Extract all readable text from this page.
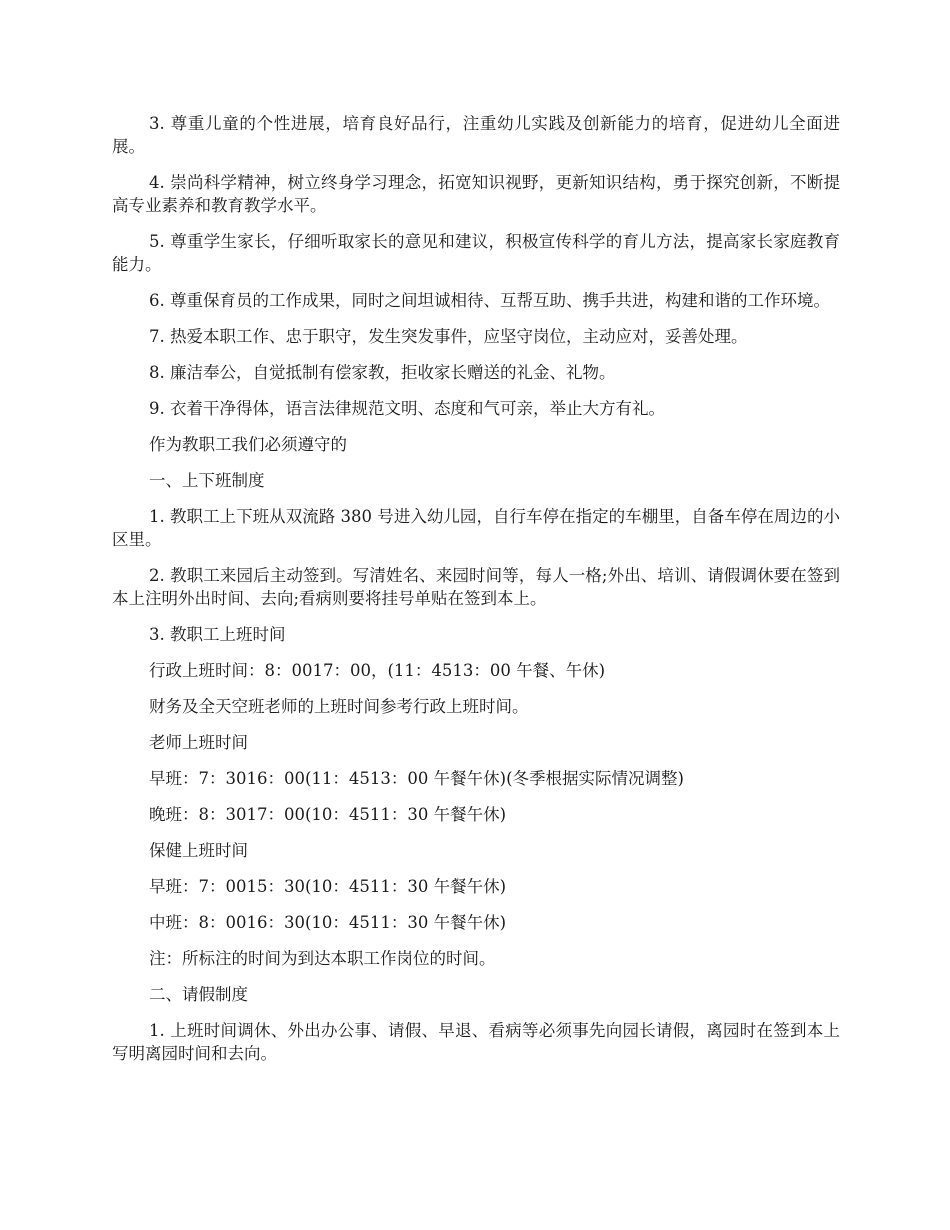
3. 尊重儿童的个性进展，培育良好品行，注重幼儿实践及创新能力的培育，促进幼儿全面进展。

4. 崇尚科学精神，树立终身学习理念，拓宽知识视野，更新知识结构，勇于探究创新，不断提高专业素养和教育教学水平。

5. 尊重学生家长，仔细听取家长的意见和建议，积极宣传科学的育儿方法，提高家长家庭教育能力。

6. 尊重保育员的工作成果，同时之间坦诚相待、互帮互助、携手共进，构建和谐的工作环境。

7. 热爱本职工作、忠于职守，发生突发事件，应坚守岗位，主动应对，妥善处理。

8. 廉洁奉公，自觉抵制有偿家教，拒收家长赠送的礼金、礼物。

9. 衣着干净得体，语言法律规范文明、态度和气可亲，举止大方有礼。

作为教职工我们必须遵守的

一、上下班制度

1. 教职工上下班从双流路 380 号进入幼儿园，自行车停在指定的车棚里，自备车停在周边的小区里。

2. 教职工来园后主动签到。写清姓名、来园时间等，每人一格;外出、培训、请假调休要在签到本上注明外出时间、去向;看病则要将挂号单贴在签到本上。

3. 教职工上班时间

行政上班时间：8：0017：00，(11：4513：00 午餐、午休)

财务及全天空班老师的上班时间参考行政上班时间。

老师上班时间

早班：7：3016：00(11：4513：00 午餐午休)(冬季根据实际情况调整)

晚班：8：3017：00(10：4511：30 午餐午休)

保健上班时间

早班：7：0015：30(10：4511：30 午餐午休)

中班：8：0016：30(10：4511：30 午餐午休)

注：所标注的时间为到达本职工作岗位的时间。

二、请假制度

1. 上班时间调休、外出办公事、请假、早退、看病等必须事先向园长请假，离园时在签到本上写明离园时间和去向。
